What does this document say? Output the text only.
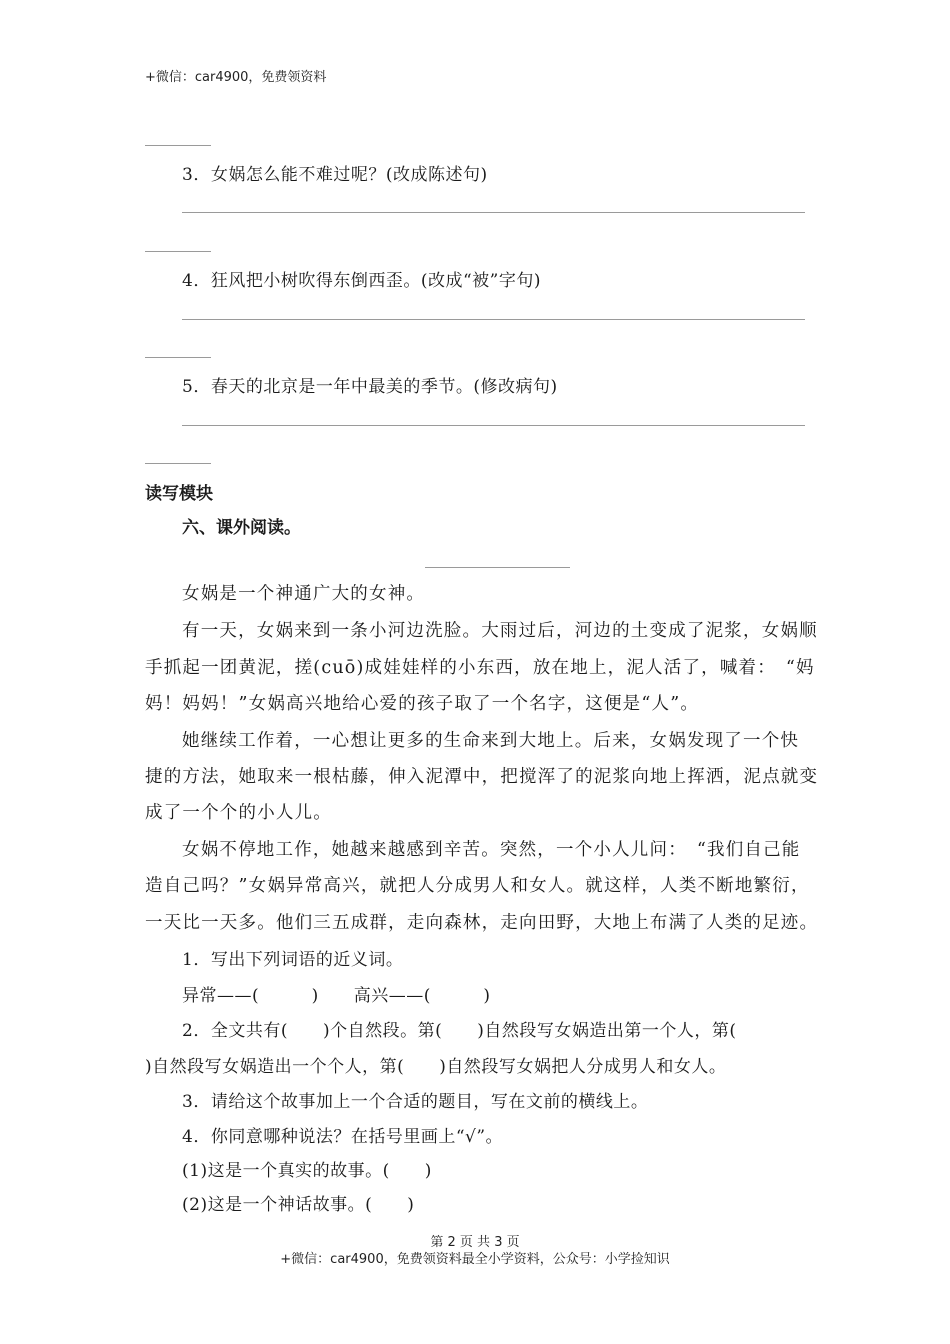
+微信：car4900，免费领资料
3．女娲怎么能不难过呢？(改成陈述句)
4．狂风把小树吹得东倒西歪。(改成“被”字句)
5．春天的北京是一年中最美的季节。(修改病句)
读写模块
六、课外阅读。
女娲是一个神通广大的女神。
有一天，女娲来到一条小河边洗脸。大雨过后，河边的土变成了泥浆，女娲顺
手抓起一团黄泥，搓(cuō)成娃娃样的小东西，放在地上，泥人活了，喊着：　“妈
妈！妈妈！”女娲高兴地给心爱的孩子取了一个名字，这便是“人”。
她继续工作着，一心想让更多的生命来到大地上。后来，女娲发现了一个快
捷的方法，她取来一根枯藤，伸入泥潭中，把搅浑了的泥浆向地上挥洒，泥点就变
成了一个个的小人儿。
女娲不停地工作，她越来越感到辛苦。突然，一个小人儿问：　“我们自己能
造自己吗？”女娲异常高兴，就把人分成男人和女人。就这样，人类不断地繁衍，
一天比一天多。他们三五成群，走向森林，走向田野，大地上布满了人类的足迹。
1．写出下列词语的近义词。
异常——(　　　)　　高兴——(　　　)
2．全文共有(　　)个自然段。第(　　)自然段写女娲造出第一个人，第(
)自然段写女娲造出一个个人，第(　　)自然段写女娲把人分成男人和女人。
3．请给这个故事加上一个合适的题目，写在文前的横线上。
4．你同意哪种说法？在括号里画上“√”。
(1)这是一个真实的故事。(　　)
(2)这是一个神话故事。(　　)
第 2 页 共 3 页
+微信：car4900，免费领资料最全小学资料，公众号：小学捡知识
